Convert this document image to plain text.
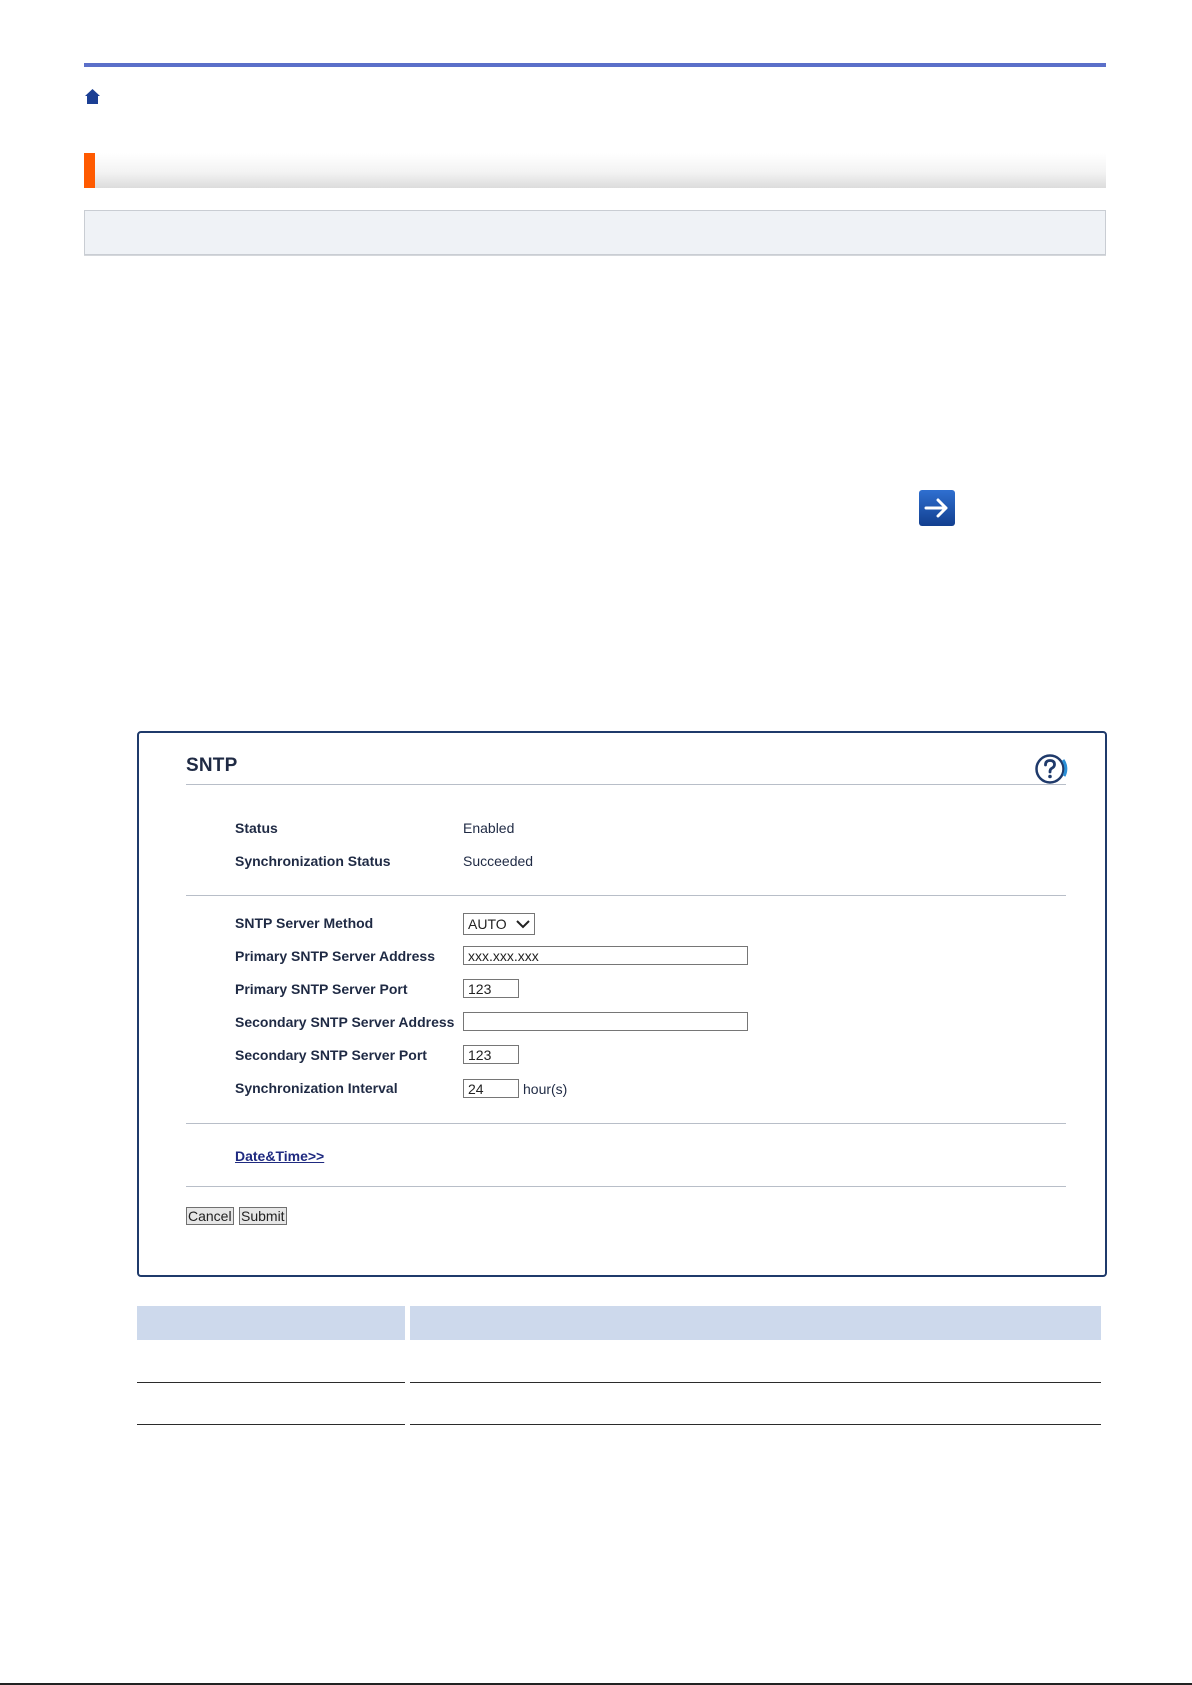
SNTP
Status	Enabled
Synchronization Status	Succeeded
SNTP Server Method	AUTO
Primary SNTP Server Address	xxx.xxx.xxx
Primary SNTP Server Port	123
Secondary SNTP Server Address
Secondary SNTP Server Port	123
Synchronization Interval	24	hour(s)
Date&Time>>
Cancel Submit
